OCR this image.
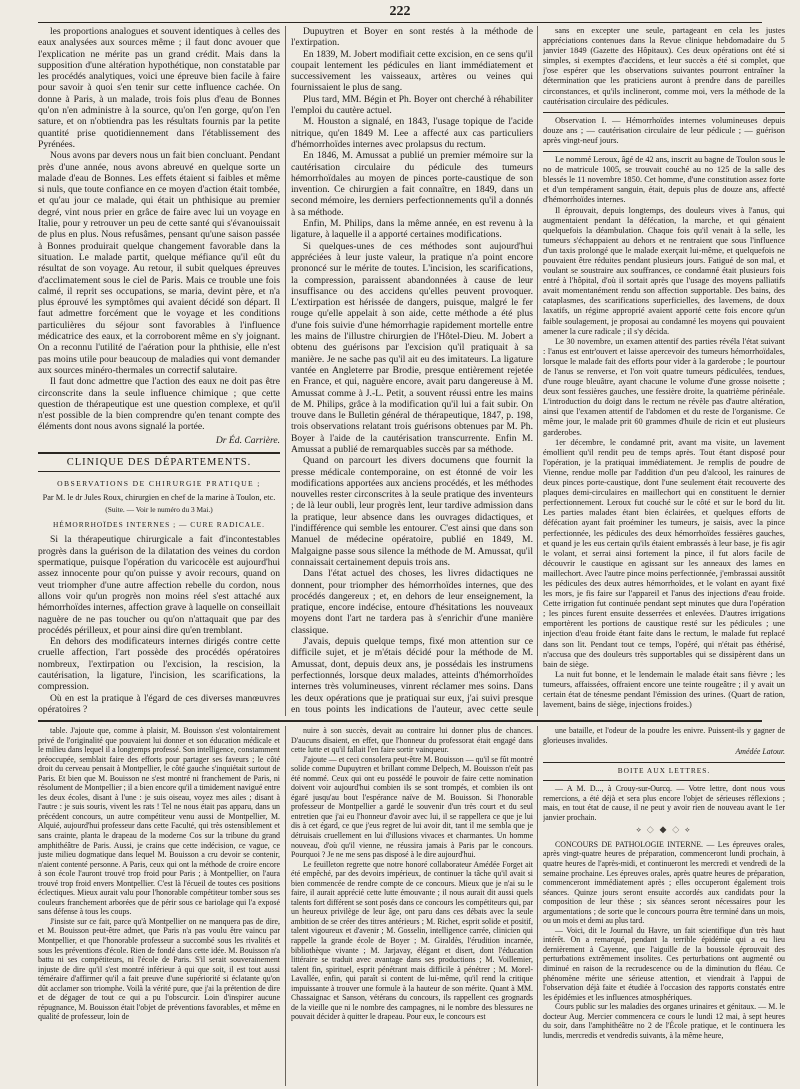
222

les proportions analogues et souvent identiques à celles des eaux analysées aux sources même ; il faut donc avouer que l'explication ne mérite pas un grand crédit. Mais dans la supposition d'une altération hypothétique, non constatable par les procédés analytiques, voici une épreuve bien facile à faire pour savoir à quoi s'en tenir sur cette influence cachée. On donne à Paris, à un malade, trois fois plus d'eau de Bonnes qu'on n'en administre à la source, qu'on l'en gorge, qu'on l'en sature, et on n'obtiendra pas les résultats fournis par la petite quantité prise quotidiennement dans l'établissement des Pyrénées.

Nous avons par devers nous un fait bien concluant. Pendant près d'une année, nous avons abreuvé en quelque sorte un malade d'eau de Bonnes. Les effets étaient si faibles et même si nuls, que toute confiance en ce moyen d'action était tombée, et qu'au jour ce malade, qui était un phthisique au premier degré, vint nous prier en grâce de faire avec lui un voyage en Italie, pour y retrouver un peu de cette santé qui s'évanouissait de plus en plus. Nous refusâmes, pensant qu'une saison passée à Bonnes produirait quelque changement favorable dans la situation. Le malade partit, quelque méfiance qu'il eût du résultat de son voyage. Au retour, il subit quelques épreuves d'acclimatement sous le ciel de Paris. Mais ce trouble une fois calmé, il reprit ses occupations, se maria, devint père, et n'a plus éprouvé les symptômes qui avaient décidé son départ. Il faut admettre forcément que le voyage et les conditions particulières du séjour sont favorables à l'influence médicatrice des eaux, et la corroborent même en s'y joignant. On a reconnu l'utilité de l'aération pour la phthisie, elle n'est pas moins utile pour beaucoup de maladies qui vont demander aux sources minéro-thermales un correctif salutaire.

Il faut donc admettre que l'action des eaux ne doit pas être circonscrite dans la seule influence chimique ; que cette question de thérapeutique est une question complexe, et qu'il n'est possible de la bien comprendre qu'en tenant compte des éléments dont nous avons signalé la portée.

Dr Éd. Carrière.
CLINIQUE DES DÉPARTEMENTS.
OBSERVATIONS DE CHIRURGIE PRATIQUE ;
Par M. le dr Jules Roux, chirurgien en chef de la marine à Toulon, etc.
(Suite. — Voir le numéro du 3 Mai.)
HÉMORRHOÏDES INTERNES ; — CURE RADICALE.

Si la thérapeutique chirurgicale a fait d'incontestables progrès dans la guérison de la dilatation des veines du cordon spermatique, puisque l'opération du varicocèle est aujourd'hui assez innocente pour qu'on puisse y avoir recours, quand on veut triompher d'une autre affection rebelle du cordon, nous allons voir qu'un progrès non moins réel s'est attaché aux hémorrhoïdes internes, affection grave à laquelle on conseillait naguère de ne pas toucher ou qu'on n'attaquait que par des procédés périlleux, et pour ainsi dire qu'en tremblant.

En dehors des modificateurs internes dirigés contre cette cruelle affection, l'art possède des procédés opératoires nombreux, l'extirpation ou l'excision, la rescision, la cautérisation, la ligature, l'incision, les scarifications, la compression.

Où en est la pratique à l'égard de ces diverses manœuvres opératoires ?

Dupuytren et Boyer en sont restés à la méthode de l'extirpation.

En 1839, M. Jobert modifiait cette excision, en ce sens qu'il coupait lentement les pédicules en liant immédiatement et successivement les vaisseaux, artères ou veines qui fournissaient le plus de sang.

Plus tard, MM. Bégin et Ph. Boyer ont cherché à réhabiliter l'emploi du cautère actuel.

M. Houston a signalé, en 1843, l'usage topique de l'acide nitrique, qu'en 1849 M. Lee a affecté aux cas particuliers d'hémorrhoïdes internes avec prolapsus du rectum.

En 1846, M. Amussat a publié un premier mémoire sur la cautérisation circulaire du pédicule des tumeurs hémorrhoïdales au moyen de pinces porte-caustique de son invention. Ce chirurgien a fait connaître, en 1849, dans un second mémoire, les derniers perfectionnements qu'il a donnés à sa méthode.

Enfin, M. Philips, dans la même année, en est revenu à la ligature, à laquelle il a apporté certaines modifications.

Si quelques-unes de ces méthodes sont aujourd'hui appréciées à leur juste valeur, la pratique n'a point encore prononcé sur le mérite de toutes. L'incision, les scarifications, la compression, paraissent abandonnées à cause de leur insuffisance ou des accidens qu'elles peuvent provoquer. L'extirpation est hérissée de dangers, puisque, malgré le fer rouge qu'elle appelait à son aide, cette méthode a été plus d'une fois suivie d'une hémorrhagie rapidement mortelle entre les mains de l'illustre chirurgien de l'Hôtel-Dieu. M. Jobert a obtenu des guérisons par l'excision qu'il pratiquait à sa manière. Je ne sache pas qu'il ait eu des imitateurs. La ligature vantée en Angleterre par Brodie, presque entièrement rejetée en France, et qui, naguère encore, avait paru dangereuse à M. Amussat comme à J.-L. Petit, a souvent réussi entre les mains de M. Philips, grâce à la modification qu'il lui a fait subir. On trouve dans le Bulletin général de thérapeutique, 1847, p. 198, trois observations relatant trois guérisons obtenues par M. Ph. Boyer à l'aide de la cautérisation transcurrente. Enfin M. Amussat a publié de remarquables succès par sa méthode.

Quand on parcourt les divers documens que fournit la presse médicale contemporaine, on est étonné de voir les modifications apportées aux anciens procédés, et les méthodes nouvelles rester circonscrites à la seule pratique des inventeurs ; de là leur oubli, leur progrès lent, leur tardive admission dans la pratique, leur absence dans les ouvrages didactiques, et l'indifférence qui semble les entourer. C'est ainsi que dans son Manuel de médecine opératoire, publié en 1849, M. Malgaigne passe sous silence la méthode de M. Amussat, qu'il connaissait certainement depuis trois ans.

Dans l'état actuel des choses, les livres didactiques ne donnent, pour triompher des hémorrhoïdes internes, que des procédés dangereux ; et, en dehors de leur enseignement, la pratique, encore indécise, entoure d'hésitations les nouveaux moyens dont l'art ne tardera pas à s'enrichir d'une manière classique.

J'avais, depuis quelque temps, fixé mon attention sur ce difficile sujet, et je m'étais décidé pour la méthode de M. Amussat, dont, depuis deux ans, je possédais les instrumens perfectionnés, lorsque deux malades, atteints d'hémorrhoïdes internes très volumineuses, vinrent réclamer mes soins. Dans les deux opérations que je pratiquai sur eux, j'ai suivi presque en tous points les indications de l'auteur, avec cette seule

sans en excepter une seule, partageant en cela les justes appréciations contenues dans la Revue clinique hebdomadaire du 5 janvier 1849 (Gazette des Hôpitaux). Ces deux opérations ont été si simples, si exemptes d'accidens, et leur succès a été si complet, que j'ose espérer que les observations suivantes pourront entraîner la détermination que les praticiens auront à prendre dans de pareilles circonstances, et qu'ils inclineront, comme moi, vers la méthode de la cautérisation circulaire des pédicules.

Observation I. — Hémorrhoïdes internes volumineuses depuis douze ans ; — cautérisation circulaire de leur pédicule ; — guérison après vingt-neuf jours.

Le nommé Leroux, âgé de 42 ans, inscrit au bagne de Toulon sous le no de matricule 1005, se trouvait couché au no 125 de la salle des blessés le 11 novembre 1850. Cet homme, d'une constitution assez forte et d'un tempérament sanguin, était, depuis plus de douze ans, affecté d'hémorrhoïdes internes.

Il éprouvait, depuis longtemps, des douleurs vives à l'anus, qui augmentaient pendant la défécation, la marche, et qui génaient quelquefois la déambulation. Chaque fois qu'il venait à la selle, les tumeurs s'échappaient au dehors et ne rentraient que sous l'influence d'un taxis prolongé que le malade exerçait lui-même, et quelquefois ne pouvaient être réduites pendant plusieurs jours. Fatigué de son mal, et voulant se soustraire aux souffrances, ce condamné était plusieurs fois entré à l'hôpital, d'où il sortait après que l'usage des moyens palliatifs avait momentanément rendu son affection supportable. Des bains, des cataplasmes, des scarifications superficielles, des lavemens, de doux laxatifs, un régime approprié avaient apporté cette fois encore qu'un faible soulagement, je proposai au condamné les moyens qui pouvaient amener la cure radicale ; il s'y décida.

Le 30 novembre, un examen attentif des parties révéla l'état suivant : l'anus est entr'ouvert et laisse apercevoir des tumeurs hémorrhoïdales, lorsque le malade fait des efforts pour vider à la garderobe ; le pourtour de l'anus se renverse, et l'on voit quatre tumeurs pédiculées, tendues, d'une rouge bleuâtre, ayant chacune le volume d'une grosse noisette ; deux sont fessières gauches, une fessière droite, la quatrième périnéale. L'introduction du doigt dans le rectum ne révèle pas d'autre altération, ainsi que l'examen attentif de l'abdomen et du reste de l'organisme. Ce même jour, le malade prit 60 grammes d'huile de ricin et eut plusieurs garderobes.

1er décembre, le condamné prit, avant ma visite, un lavement émollient qu'il rendit peu de temps après. Tout étant disposé pour l'opération, je la pratiquai immédiatement. Je remplis de poudre de Vienne, rendue molle par l'addition d'un peu d'alcool, les rainures de deux pinces porte-caustique, dont l'une seulement était recouverte des plaques demi-circulaires en maillechort qui en constituent le dernier perfectionnement. Leroux fut couché sur le côté et sur le bord du lit. Les parties malades étant bien éclairées, et quelques efforts de défécation ayant fait proéminer les tumeurs, je saisis, avec la pince perfectionnée, les pédicules des deux hémorrhoïdes fessières gauches, et quand je les eus certain qu'ils étaient embrassés à leur base, je fis agir le volant, et serrai ainsi fortement la pince, il fut alors facile de découvrir le caustique en agissant sur les anneaux des lames en maillechort. Avec l'autre pince moins perfectionnée, j'embrassai aussitôt les pédicules des deux autres hémorrhoïdes, et le volant en ayant fixé les mors, je fis faire sur l'appareil et l'anus des injections d'eau froide. Cette irrigation fut continuée pendant sept minutes que dura l'opération ; les pinces furent ensuite desserrées et enlevées. D'autres irrigations emportèrent les portions de caustique resté sur les pédicules ; une injection d'eau froide étant faite dans le rectum, le malade fut replacé dans son lit. Pendant tout ce temps, l'opéré, qui n'était pas éthérisé, n'accusa que des douleurs très supportables qui se dissipèrent dans un bain de siège.

La nuit fut bonne, et le lendemain le malade était sans fièvre ; les tumeurs, affaissées, offraient encore une teinte rougeâtre ; il y avait un certain état de ténesme pendant l'émission des urines. (Quart de ration, lavement, bains de siège, injections froides.)

table. J'ajoute que, comme à plaisir, M. Bouisson s'est volontairement privé de l'originalité que pouvaient lui donner et son éducation médicale et le milieu dans lequel il a longtemps professé. Son intelligence, constamment préoccupée, semblait faire des efforts pour partager ses faveurs ; le côté droit du cerveau pensait à Montpellier, le côté gauche s'inquiétait surtout de Paris. Et bien que M. Bouisson ne s'est montré ni franchement de Paris, ni résolument de Montpellier ; il a bien encore qu'il a timidement navigué entre les deux écoles, disant à l'une : je suis oiseau, voyez mes ailes ; disant à l'autre : je suis souris, vivent les rats ! Tel ne nous était pas apparu, dans un précédent concours, un autre compétiteur venu aussi de Montpellier, M. Alquié, aujourd'hui professeur dans cette Faculté, qui très ostensiblement et sans crainte, planta le drapeau de la moderne Cos sur la tribune du grand amphithéâtre de Paris. Aussi, je crains que cette indécision, ce vague, ce juste milieu dogmatique dans lequel M. Bouisson a cru devoir se contenir, n'aient contenté personne. A Paris, ceux qui ont la méthode de croire encore à son école l'auront trouvé trop froid pour Paris ; à Montpellier, on l'aura trouvé trop froid envers Montpellier. C'est là l'écueil de toutes ces positions éclectiques. Mieux aurait valu pour l'honorable compétiteur tomber sous ses couleurs franchement arborées que de périr sous ce bariolage qui l'a exposé sans défense à tous les coups.

J'insiste sur ce fait, parce qu'à Montpellier on ne manquera pas de dire, et M. Bouisson peut-être admet, que Paris n'a pas voulu être vaincu par Montpellier, et que l'honorable professeur a succombé sous les rivalités et sous les préventions d'école. Rien de fondé dans cette idée. M. Bouisson n'a battu ni ses compétiteurs, ni l'école de Paris. S'il serait souverainement injuste de dire qu'il s'est montré inférieur à qui que soit, il est tout aussi téméraire d'affirmer qu'il a fait preuve d'une supériorité si éclatante qu'on dût acclamer son triomphe. Voilà la vérité pure, que j'ai la prétention de dire et de dégager de tout ce qui a pu l'obscurcir. Loin d'inspirer aucune répugnance, M. Bouisson était l'objet de préventions favorables, et même en qualité de professeur, loin de

nuire à son succès, devait au contraire lui donner plus de chances. D'aucuns disaient, en effet, que l'honneur du professorat était engagé dans cette lutte et qu'il fallait l'en faire sortir vainqueur.

J'ajoute — et ceci consolera peut-être M. Bouisson — qu'il se fût montré solide comme Dupuytren et brillant comme Delpech, M. Bouisson n'eût pas été nommé. Ceux qui ont eu possédé le pouvoir de faire cette nomination doivent voir aujourd'hui combien ils se sont trompés, et combien ils ont égaré jusqu'au bout l'espérance naïve de M. Bouisson. Si l'honorable professeur de Montpellier a gardé le souvenir d'un très court et du seul entretien que j'ai eu l'honneur d'avoir avec lui, il se rappellera ce que je lui dis à cet égard, ce que j'eus regret de lui avoir dit, tant il me sembla que je détruisais cruellement en lui d'illusions vivaces et charmantes. Un homme nouveau, d'où qu'il vienne, ne réussira jamais à Paris par le concours. Pourquoi ? Je ne me sens pas disposé à le dire aujourd'hui.

Le feuilleton regrette que notre honoré collaborateur Amédée Forget ait été empêché, par des devoirs impérieux, de continuer la tâche qu'il avait si bien commencée de rendre compte de ce concours. Mieux que je n'ai su le faire, il aurait apprécié cette lutte émouvante ; il nous aurait dit aussi quels talents fort différent se sont posés dans ce concours les compétiteurs qui, par un heureux privilège de leur âge, ont paru dans ces débats avec la seule ambition de se créer des titres antérieurs ; M. Richet, esprit solide et positif, talent vigoureux et d'avenir ; M. Gosselin, intelligence carrée, clinicien qui rappelle la grande école de Boyer ; M. Giraldès, l'érudition incarnée, bibliothèque vivante ; M. Jarjavay, élégant et disert, dont l'éducation littéraire se traduit avec avantage dans ses productions ; M. Voillemier, talent fin, spirituel, esprit pénétrant mais difficile à pénétrer ; M. Morel-Lavallée, enfin, qui paraît si content de lui-même, qu'il rend la critique impuissante à trouver une formule à la hauteur de son mérite. Quant à MM. Chassaignac et Sanson, vétérans du concours, ils rappellent ces grognards de la vieille que ni le nombre des campagnes, ni le nombre des blessures ne pouvait décider à quitter le drapeau. Pour eux, le concours est

une bataille, et l'odeur de la poudre les enivre. Puissent-ils y gagner de glorieuses invalides.

Amédée Latour.
BOITE AUX LETTRES.

— A M. D..., à Crouy-sur-Ourcq. — Votre lettre, dont nous vous remercions, a été déjà et sera plus encore l'objet de sérieuses réflexions ; mais, en tout état de cause, il ne peut y avoir rien de nouveau avant le 1er janvier prochain.

⟡ ◇ ◆ ◇ ⟡

CONCOURS DE PATHOLOGIE INTERNE. — Les épreuves orales, après vingt-quatre heures de préparation, commenceront lundi prochain, à quatre heures de l'après-midi, et continueront les mercredi et vendredi de la semaine prochaine. Les épreuves orales, après quatre heures de préparation, commenceront immédiatement après ; elles occuperont également trois séances. Quinze jours seront ensuite accordés aux candidats pour la composition de leur thèse ; six séances seront nécessaires pour les argumentations ; de sorte que le concours pourra être terminé dans un mois, ou un mois et demi au plus tard.

— Voici, dit le Journal du Havre, un fait scientifique d'un très haut intérêt. On a remarqué, pendant la terrible épidémie qui a eu lieu dernièrement à Cayenne, que l'aiguille de la boussole éprouvait des perturbations extrêmement insolites. Ces perturbations ont augmenté ou diminué en raison de la recrudescence ou de la diminution du fléau. Ce phénomène mérite une sérieuse attention, et viendrait à l'appui de l'observation déjà faite et étudiée à l'occasion des rapports constatés entre les épidémies et les influences atmosphériques.

Cours public sur les maladies des organes urinaires et génitaux. — M. le docteur Aug. Mercier commencera ce cours le lundi 12 mai, à sept heures du soir, dans l'amphithéâtre no 2 de l'École pratique, et le continuera les lundis, mercredis et vendredis suivants, à la même heure,
